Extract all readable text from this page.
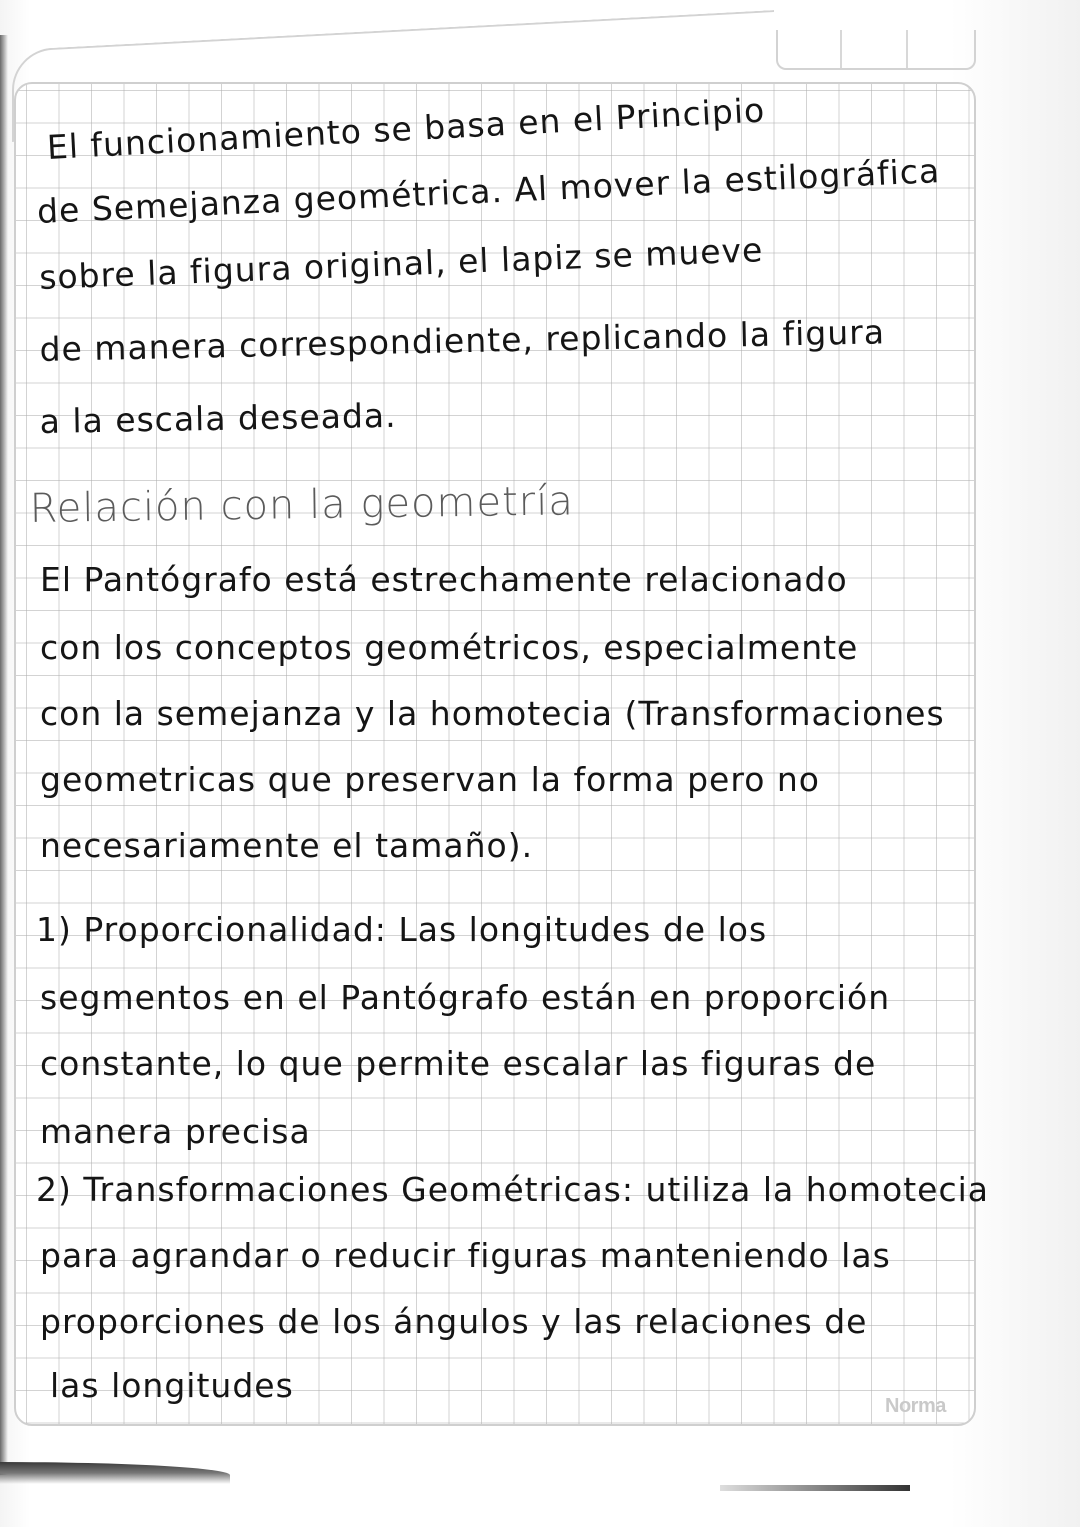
El funcionamiento se basa en el Principio
de Semejanza geométrica. Al mover la estilográfica
sobre la figura original, el lapiz se mueve
de manera correspondiente, replicando la figura
a la escala deseada.
Relación con la geometría
El Pantógrafo está estrechamente relacionado
con los conceptos geométricos, especialmente
con la semejanza y la homotecia (Transformaciones
geometricas que preservan la forma pero no
necesariamente el tamaño).
1) Proporcionalidad: Las longitudes de los
segmentos en el Pantógrafo están en proporción
constante, lo que permite escalar las figuras de
manera precisa
2) Transformaciones Geométricas: utiliza la homotecia
para agrandar o reducir figuras manteniendo las
proporciones de los ángulos y las relaciones de
las longitudes
Norma
